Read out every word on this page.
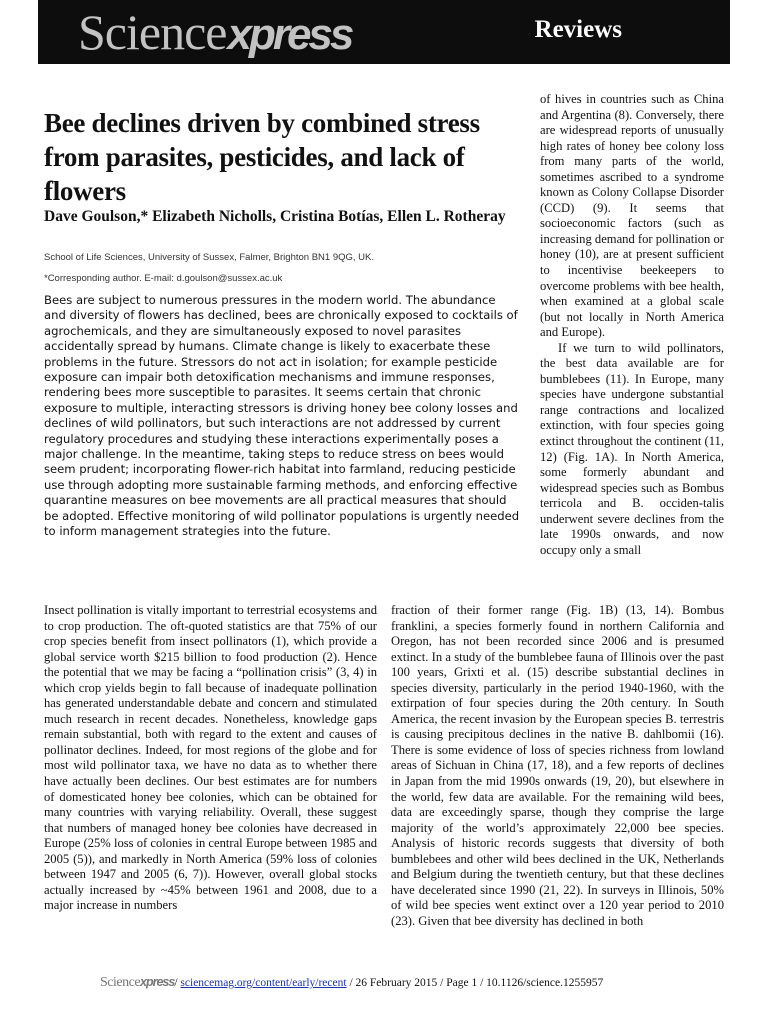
Sciencexpress	Reviews
Bee declines driven by combined stress from parasites, pesticides, and lack of flowers
Dave Goulson,* Elizabeth Nicholls, Cristina Botías, Ellen L. Rotheray
School of Life Sciences, University of Sussex, Falmer, Brighton BN1 9QG, UK.
*Corresponding author. E-mail: d.goulson@sussex.ac.uk
Bees are subject to numerous pressures in the modern world. The abundance and diversity of flowers has declined, bees are chronically exposed to cocktails of agrochemicals, and they are simultaneously exposed to novel parasites accidentally spread by humans. Climate change is likely to exacerbate these problems in the future. Stressors do not act in isolation; for example pesticide exposure can impair both detoxification mechanisms and immune responses, rendering bees more susceptible to parasites. It seems certain that chronic exposure to multiple, interacting stressors is driving honey bee colony losses and declines of wild pollinators, but such interactions are not addressed by current regulatory procedures and studying these interactions experimentally poses a major challenge. In the meantime, taking steps to reduce stress on bees would seem prudent; incorporating flower-rich habitat into farmland, reducing pesticide use through adopting more sustainable farming methods, and enforcing effective quarantine measures on bee movements are all practical measures that should be adopted. Effective monitoring of wild pollinator populations is urgently needed to inform management strategies into the future.

of hives in countries such as China and Argentina (8). Conversely, there are widespread reports of unusually high rates of honey bee colony loss from many parts of the world, sometimes ascribed to a syndrome known as Colony Collapse Disorder (CCD) (9). It seems that socioeconomic factors (such as increasing demand for pollination or honey (10), are at present sufficient to incentivise beekeepers to overcome problems with bee health, when examined at a global scale (but not locally in North America and Europe).

If we turn to wild pollinators, the best data available are for bumblebees (11). In Europe, many species have undergone substantial range contractions and localized extinction, with four species going extinct throughout the continent (11, 12) (Fig. 1A). In North America, some formerly abundant and widespread species such as Bombus terricola and B. occiden-talis underwent severe declines from the late 1990s onwards, and now occupy only a small

Insect pollination is vitally important to terrestrial ecosystems and to crop production. The oft-quoted statistics are that 75% of our crop species benefit from insect pollinators (1), which provide a global service worth $215 billion to food production (2). Hence the potential that we may be facing a “pollination crisis” (3, 4) in which crop yields begin to fall because of inadequate pollination has generated understandable debate and concern and stimulated much research in recent decades. Nonetheless, knowledge gaps remain substantial, both with regard to the extent and causes of pollinator declines. Indeed, for most regions of the globe and for most wild pollinator taxa, we have no data as to whether there have actually been declines. Our best estimates are for numbers of domesticated honey bee colonies, which can be obtained for many countries with varying reliability. Overall, these suggest that numbers of managed honey bee colonies have decreased in Europe (25% loss of colonies in central Europe between 1985 and 2005 (5)), and markedly in North America (59% loss of colonies between 1947 and 2005 (6, 7)). However, overall global stocks actually increased by ~45% between 1961 and 2008, due to a major increase in numbers

fraction of their former range (Fig. 1B) (13, 14). Bombus franklini, a species formerly found in northern California and Oregon, has not been recorded since 2006 and is presumed extinct. In a study of the bumblebee fauna of Illinois over the past 100 years, Grixti et al. (15) describe substantial declines in species diversity, particularly in the period 1940-1960, with the extirpation of four species during the 20th century. In South America, the recent invasion by the European species B. terrestris is causing precipitous declines in the native B. dahlbomii (16). There is some evidence of loss of species richness from lowland areas of Sichuan in China (17, 18), and a few reports of declines in Japan from the mid 1990s onwards (19, 20), but elsewhere in the world, few data are available. For the remaining wild bees, data are exceedingly sparse, though they comprise the large majority of the world’s approximately 22,000 bee species. Analysis of historic records suggests that diversity of both bumblebees and other wild bees declined in the UK, Netherlands and Belgium during the twentieth century, but that these declines have decelerated since 1990 (21, 22). In surveys in Illinois, 50% of wild bee species went extinct over a 120 year period to 2010 (23). Given that bee diversity has declined in both

Sciencexpress/ sciencemag.org/content/early/recent / 26 February 2015 / Page 1 / 10.1126/science.1255957
